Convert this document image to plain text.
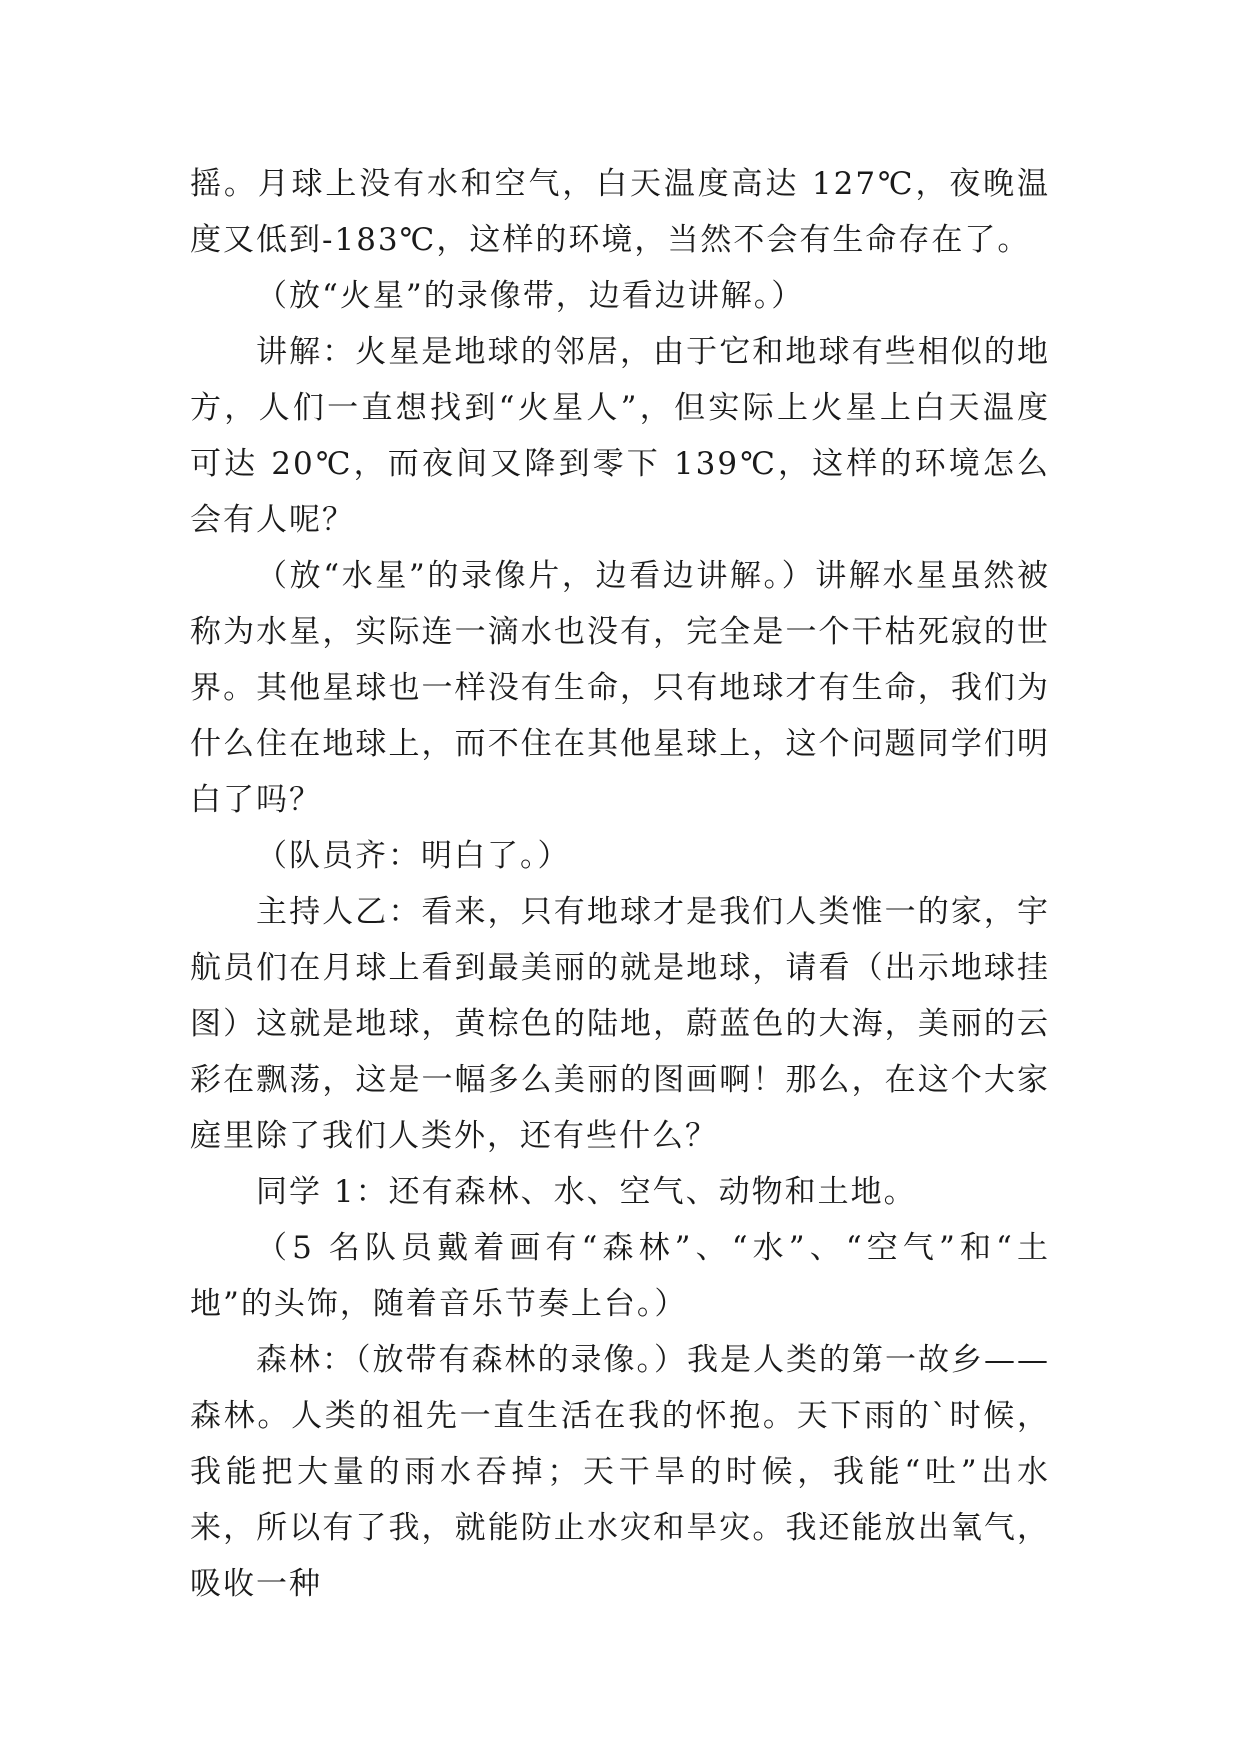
摇。月球上没有水和空气，白天温度高达 127℃，夜晚温度又低到-183℃，这样的环境，当然不会有生命存在了。

（放“火星”的录像带，边看边讲解。）

讲解：火星是地球的邻居，由于它和地球有些相似的地方，人们一直想找到“火星人”，但实际上火星上白天温度可达 20℃，而夜间又降到零下 139℃，这样的环境怎么会有人呢？

（放“水星”的录像片，边看边讲解。）讲解水星虽然被称为水星，实际连一滴水也没有，完全是一个干枯死寂的世界。其他星球也一样没有生命，只有地球才有生命，我们为什么住在地球上，而不住在其他星球上，这个问题同学们明白了吗？

（队员齐：明白了。）

主持人乙：看来，只有地球才是我们人类惟一的家，宇航员们在月球上看到最美丽的就是地球，请看（出示地球挂图）这就是地球，黄棕色的陆地，蔚蓝色的大海，美丽的云彩在飘荡，这是一幅多么美丽的图画啊！那么，在这个大家庭里除了我们人类外，还有些什么？

同学 1：还有森林、水、空气、动物和土地。

（5 名队员戴着画有“森林”、“水”、“空气”和“土地”的头饰，随着音乐节奏上台。）

森林：（放带有森林的录像。）我是人类的第一故乡——森林。人类的祖先一直生活在我的怀抱。天下雨的`时候，我能把大量的雨水吞掉；天干旱的时候，我能“吐”出水来，所以有了我，就能防止水灾和旱灾。我还能放出氧气，吸收一种
